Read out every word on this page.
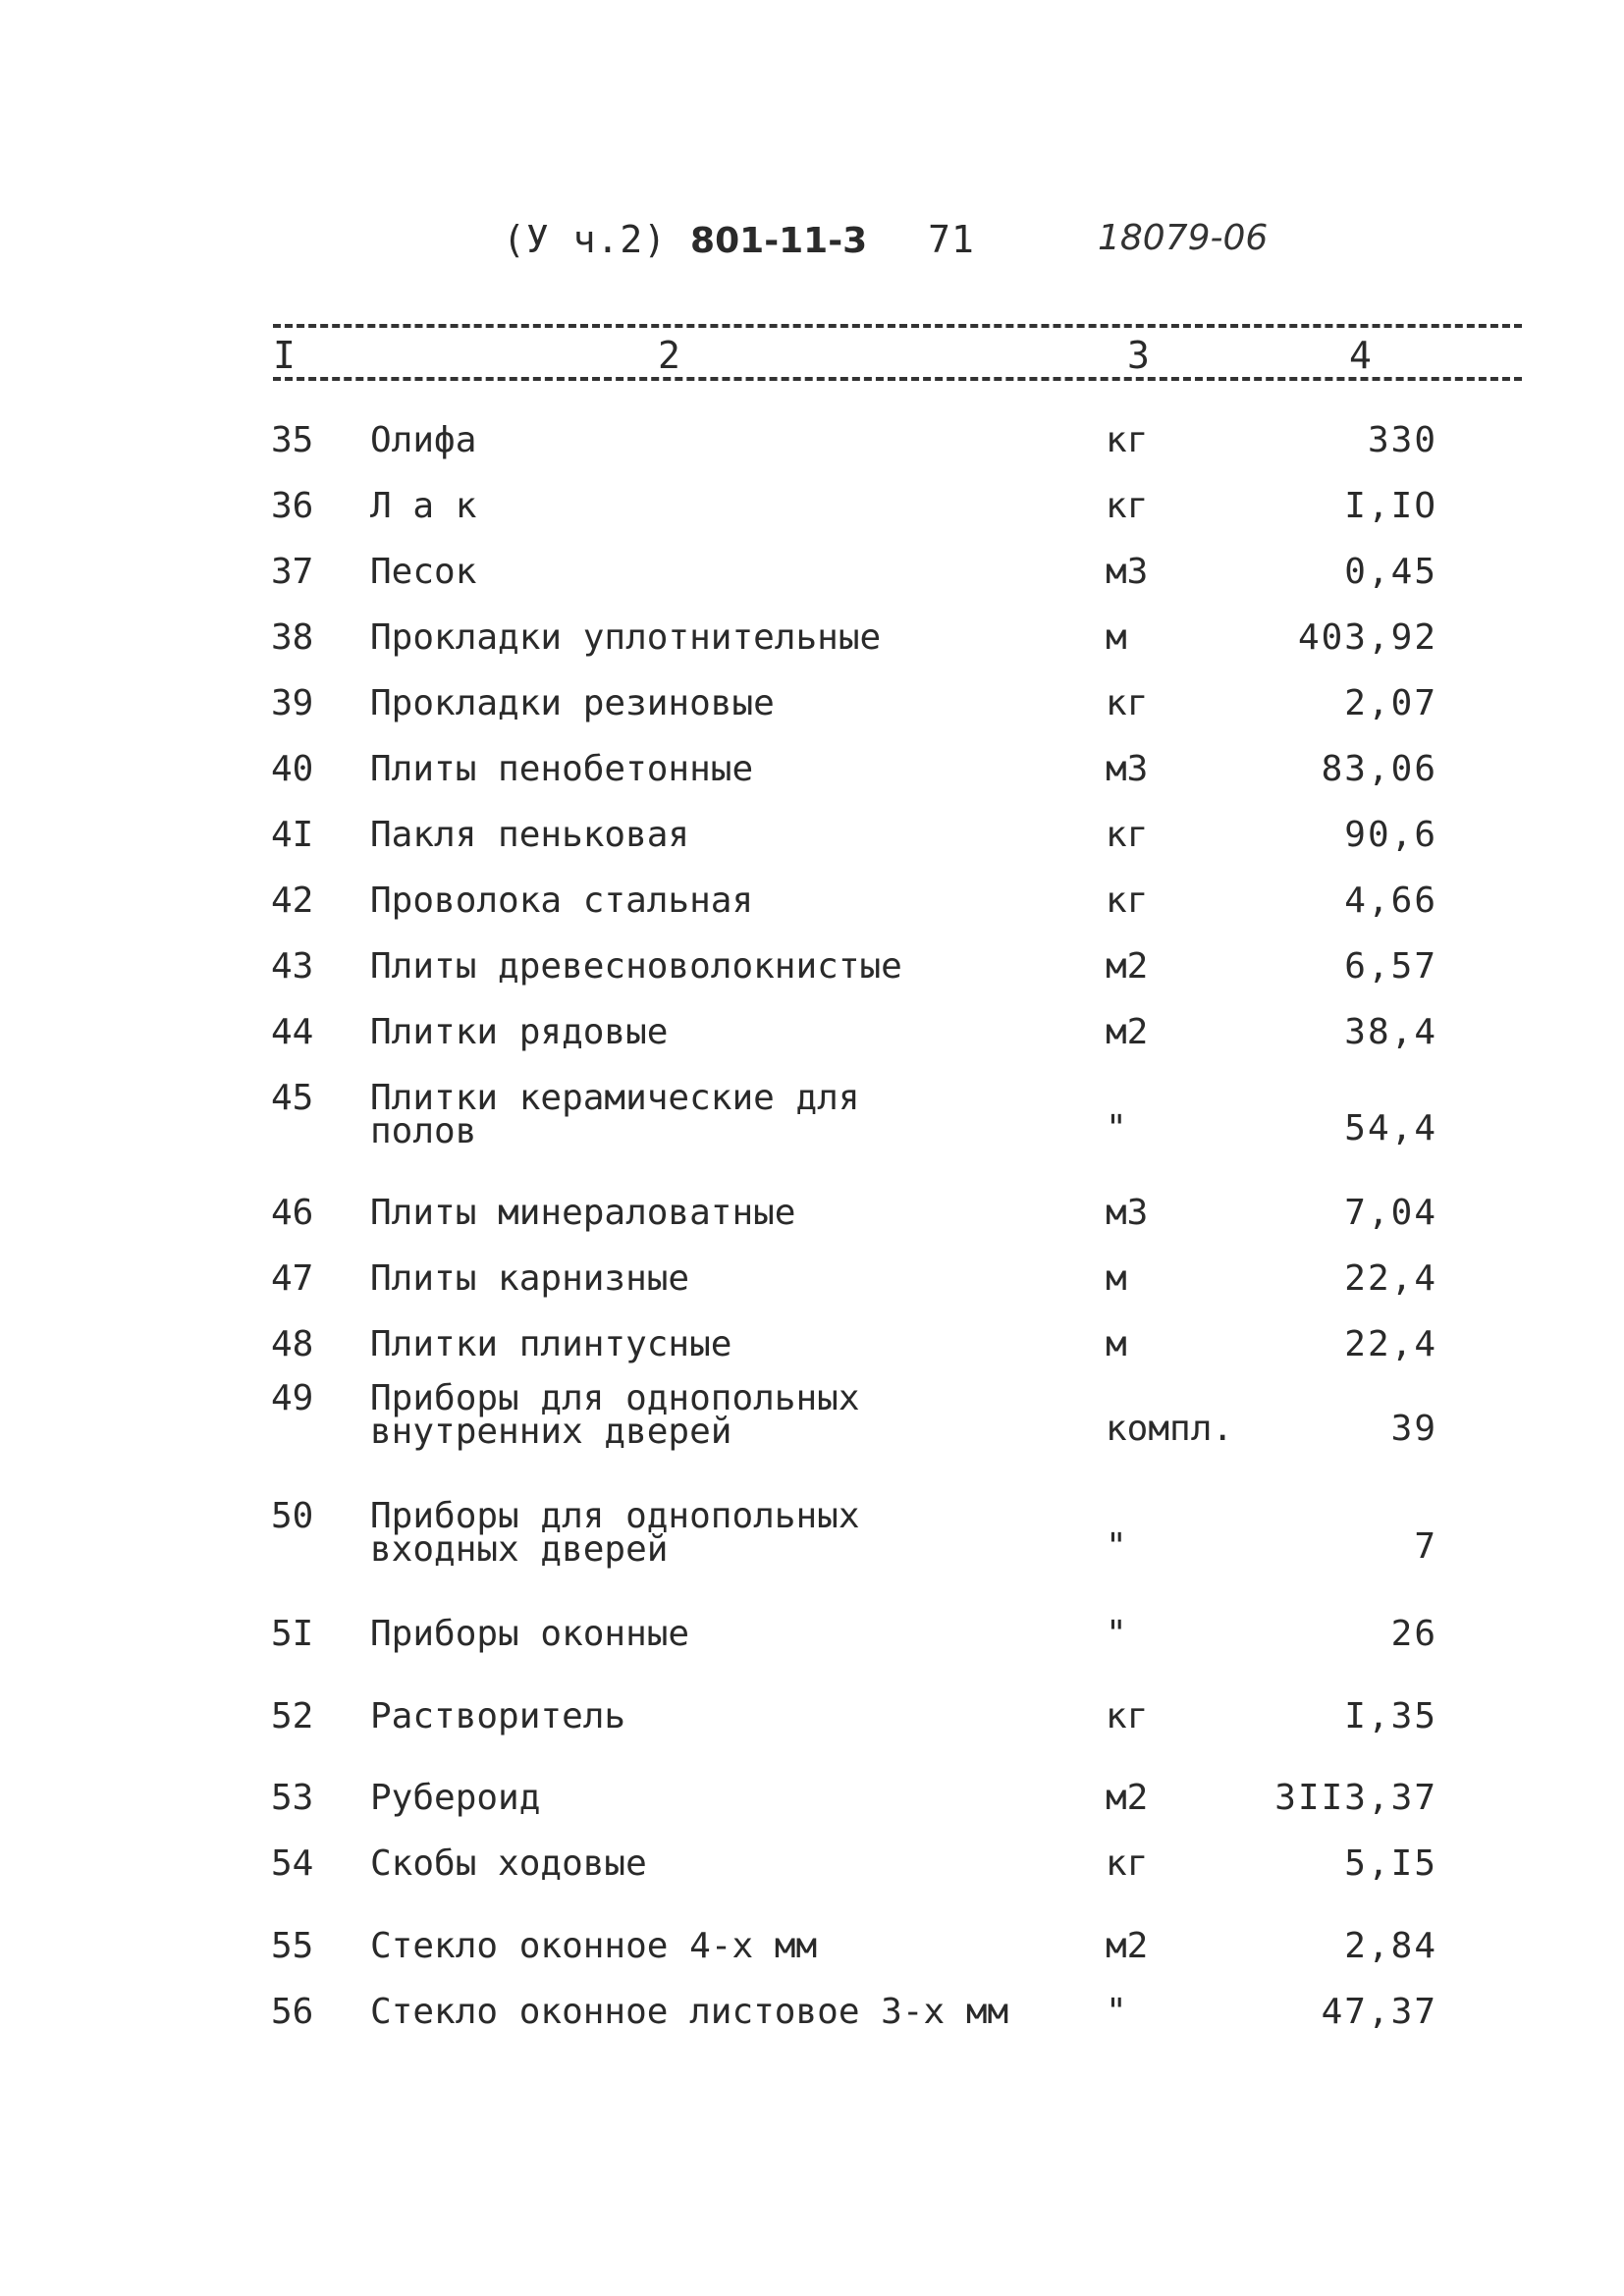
(У ч.2) 801-11-3 71	18079-06
I	2	3	4
35 Олифа	кг	330
36 Л а к	кг	I,IO
37 Песок	м3	0,45
38 Прокладки уплотнительные	м	403,92
39 Прокладки резиновые	кг	2,07
40 Плиты пенобетонные	м3	83,06
4I Пакля пеньковая	кг	90,6
42 Проволока стальная	кг	4,66
43 Плиты древесноволокнистые	м2	6,57
44 Плитки рядовые	м2	38,4
45 Плитки керамические для
полов	"	54,4
46 Плиты минераловатные	м3	7,04
47 Плиты карнизные	м	22,4
48 Плитки плинтусные	м	22,4
49 Приборы для однопольных
внутренних дверей	компл.	39
50 Приборы для однопольных
входных дверей	"	7
5I Приборы оконные	"	26
52 Растворитель	кг	I,35
53 Рубероид	м2	3II3,37
54 Скобы ходовые	кг	5,I5
55 Стекло оконное 4-х мм	м2	2,84
56 Стекло оконное листовое 3-х мм	"	47,37
